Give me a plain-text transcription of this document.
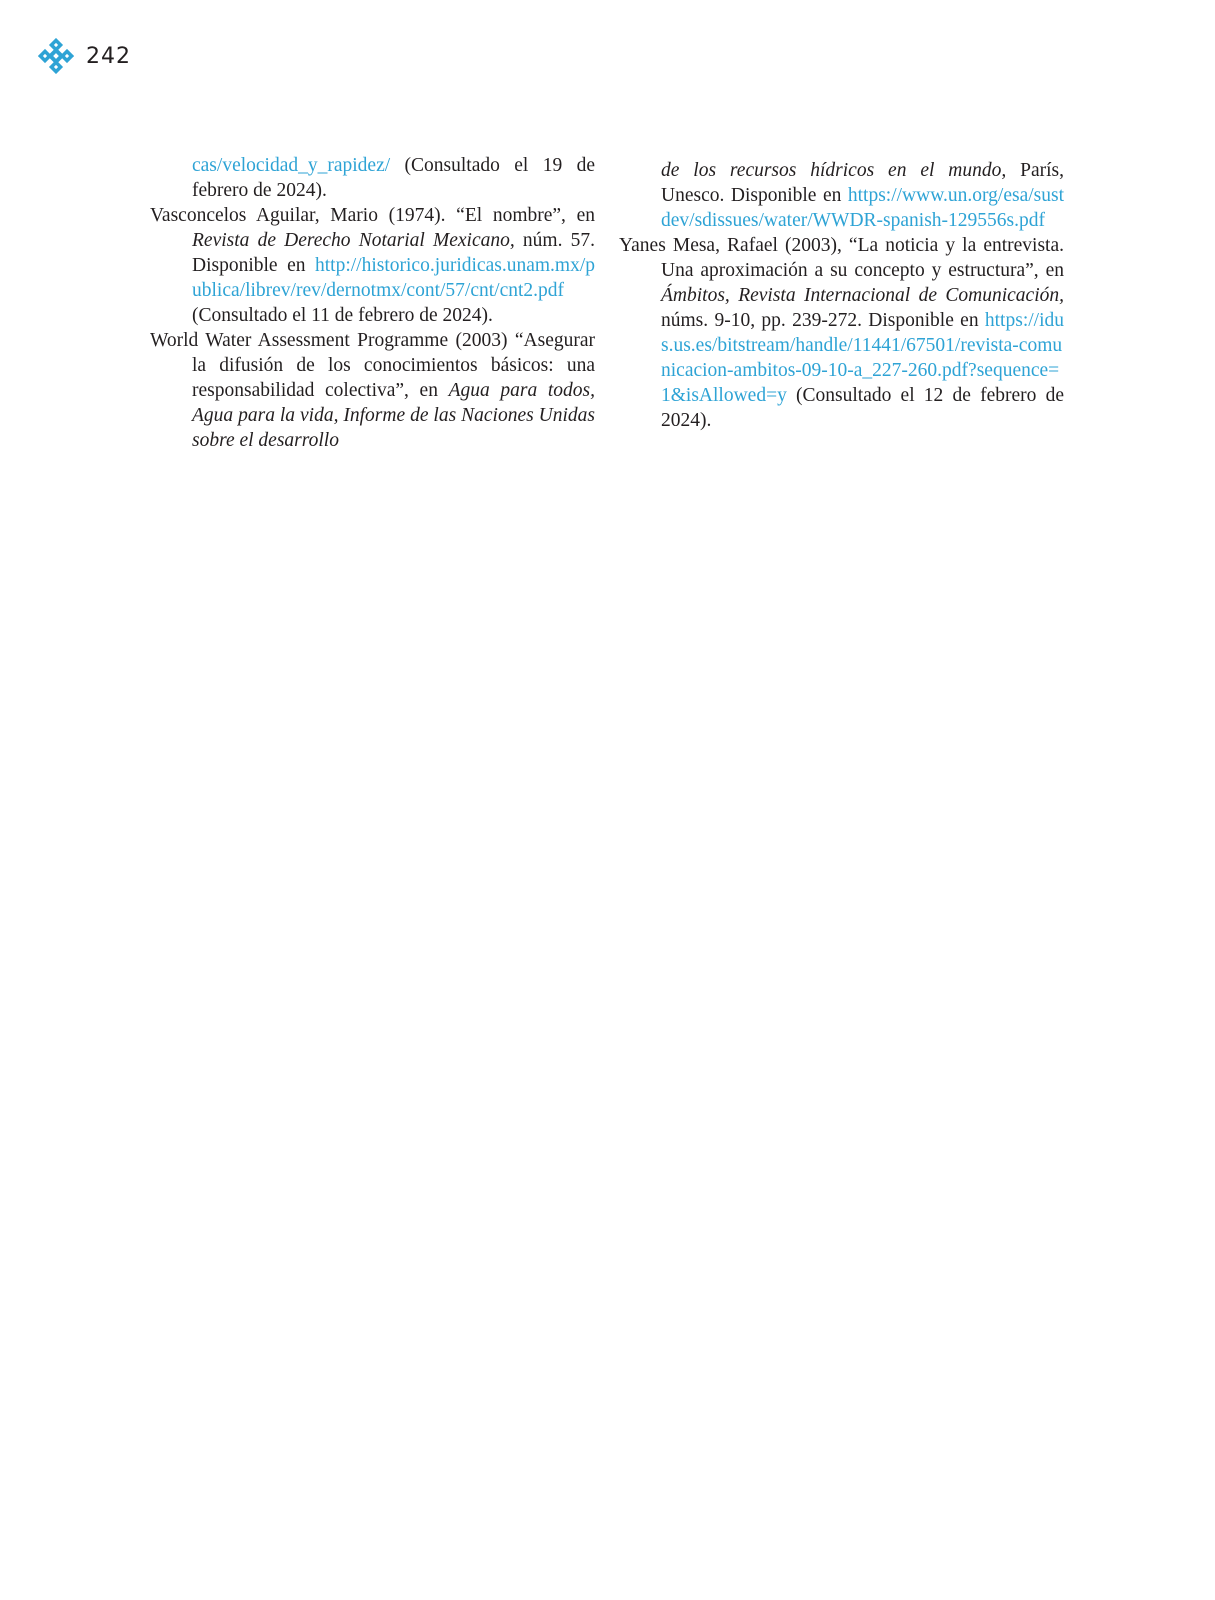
242

cas/velocidad_y_rapidez/ (Consultado el 19 de febrero de 2024).

Vasconcelos Aguilar, Mario (1974). “El nombre”, en Revista de Derecho Notarial Mexicano, núm. 57. Disponible en http://historico.juridicas.unam.mx/publica/librev/rev/dernotmx/cont/57/cnt/cnt2.pdf (Consultado el 11 de febrero de 2024).

World Water Assessment Programme (2003) “Asegurar la difusión de los conocimientos básicos: una responsabilidad colectiva”, en Agua para todos, Agua para la vida, Informe de las Naciones Unidas sobre el desarrollo

de los recursos hídricos en el mundo, París, Unesco. Disponible en https://www.un.org/esa/sustdev/sdissues/water/WWDR-spanish-129556s.pdf

Yanes Mesa, Rafael (2003), “La noticia y la entrevista. Una aproximación a su concepto y estructura”, en Ámbitos, Revista Internacional de Comunicación, núms. 9-10, pp. 239-272. Disponible en https://idus.us.es/bitstream/handle/11441/67501/revista-comunicacion-ambitos-09-10-a_227-260.pdf?sequence=1&isAllowed=y (Consultado el 12 de febrero de 2024).
